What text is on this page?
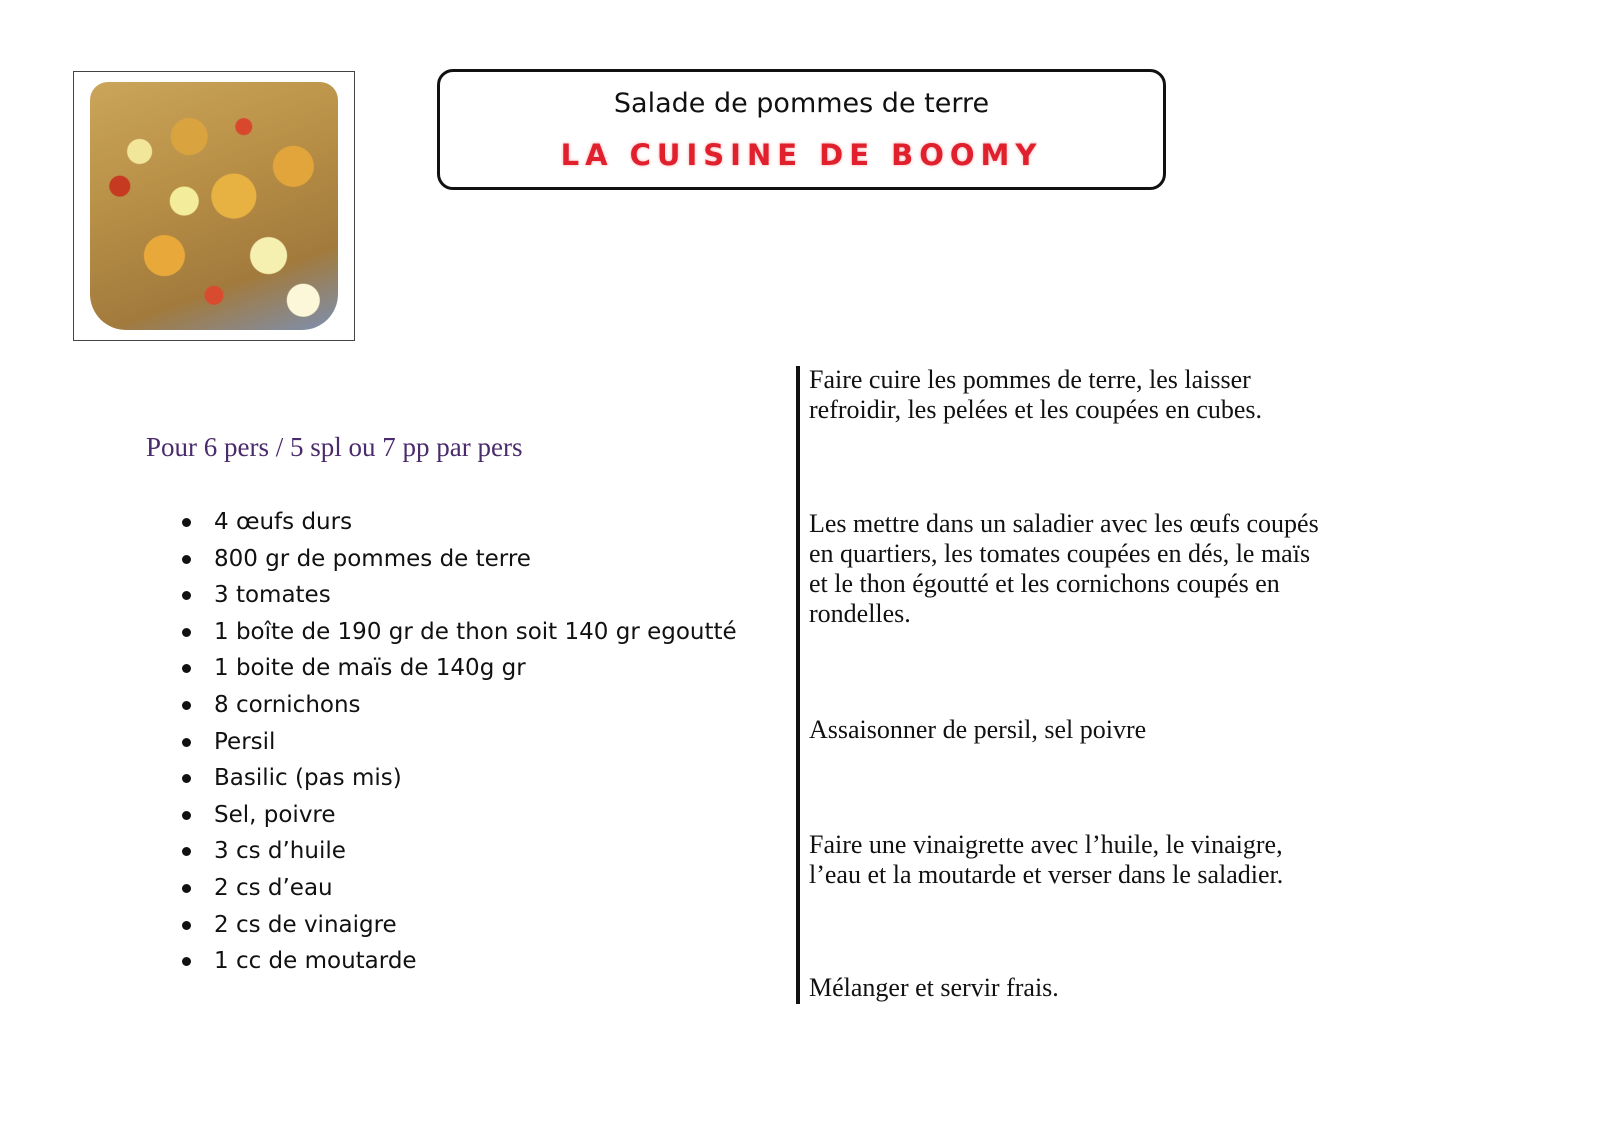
Salade de pommes de terre
LA CUISINE DE BOOMY
Pour 6 pers / 5 spl ou 7 pp par pers
4 œufs durs
800 gr de pommes de terre
3 tomates
1 boîte de 190 gr de thon soit 140 gr egoutté
1 boite de maïs de 140g gr
8 cornichons
Persil
Basilic (pas mis)
Sel, poivre
3 cs d’huile
2 cs d’eau
2 cs de vinaigre
1 cc de moutarde
Faire cuire les pommes de terre, les laisser
refroidir, les pelées et les coupées en cubes.
Les mettre dans un saladier avec les œufs coupés
en quartiers, les tomates coupées en dés, le maïs
et le thon égoutté et les cornichons coupés en
rondelles.
Assaisonner de persil, sel poivre
Faire une vinaigrette avec l’huile, le vinaigre,
l’eau et la moutarde et verser dans le saladier.
Mélanger et servir frais.
